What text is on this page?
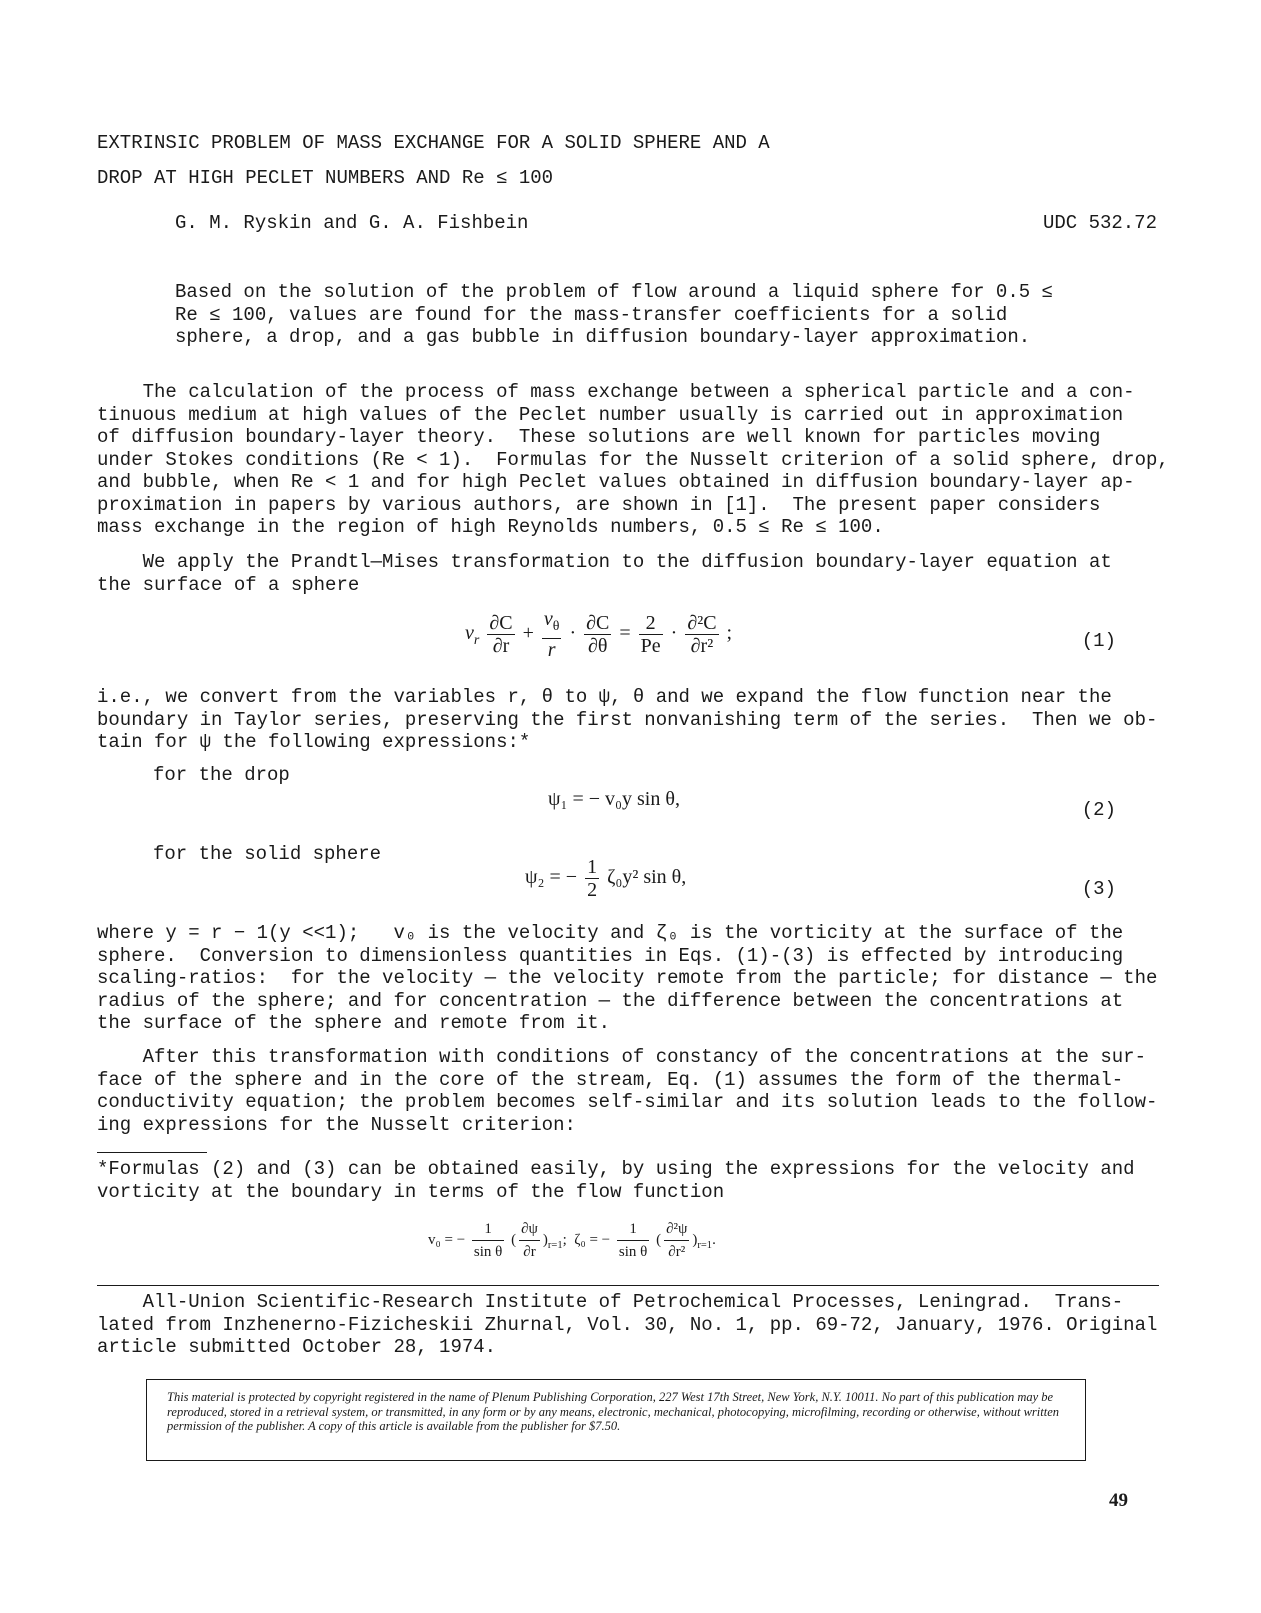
EXTRINSIC PROBLEM OF MASS EXCHANGE FOR A SOLID SPHERE AND A
DROP AT HIGH PECLET NUMBERS AND Re ≤ 100
G. M. Ryskin and G. A. Fishbein	UDC 532.72

Based on the solution of the problem of flow around a liquid sphere for 0.5 ≤

Re ≤ 100, values are found for the mass-transfer coefficients for a solid

sphere, a drop, and a gas bubble in diffusion boundary-layer approximation.

The calculation of the process of mass exchange between a spherical particle and a con-

tinuous medium at high values of the Peclet number usually is carried out in approximation

of diffusion boundary-layer theory.  These solutions are well known for particles moving

under Stokes conditions (Re < 1).  Formulas for the Nusselt criterion of a solid sphere, drop,

and bubble, when Re < 1 and for high Peclet values obtained in diffusion boundary-layer ap-

proximation in papers by various authors, are shown in [1].  The present paper considers

mass exchange in the region of high Reynolds numbers, 0.5 ≤ Re ≤ 100.

We apply the Prandtl—Mises transformation to the diffusion boundary-layer equation at

the surface of a sphere

$v_r \frac{\partial C}{\partial r} + \frac{v_\theta}{r} \cdot \frac{\partial C}{\partial\theta} = \frac{2}{Pe} \cdot \frac{\text{∂²C}}{\text{∂r²}}$ ;	(1)

i.e., we convert from the variables r, θ to ψ, θ and we expand the flow function near the

boundary in Taylor series, preserving the first nonvanishing term of the series.  Then we ob-

tain for ψ the following expressions:*

for the drop
ψ₁ = − v₀y sin θ,	(2)
for the solid sphere
ψ₂ = − $\frac{1}{2} \zeta_0y^2$ sin θ,
(3)

where y = r − 1(y <<1);   v₀ is the velocity and ζ₀ is the vorticity at the surface of the

sphere.  Conversion to dimensionless quantities in Eqs. (1)-(3) is effected by introducing

scaling-ratios:  for the velocity — the velocity remote from the particle; for distance — the

radius of the sphere; and for concentration — the difference between the concentrations at

the surface of the sphere and remote from it.

After this transformation with conditions of constancy of the concentrations at the sur-

face of the sphere and in the core of the stream, Eq. (1) assumes the form of the thermal-

conductivity equation; the problem becomes self-similar and its solution leads to the follow-

ing expressions for the Nusselt criterion:

*Formulas (2) and (3) can be obtained easily, by using the expressions for the velocity and

vorticity at the boundary in terms of the flow function

v₀ = − $\frac{1}{\text{sin θ}}$ ( $\frac{\partial\psi}{\partial r} )_{r=1}$; ζ₀ = − $\frac{1}{\text{sin θ}}$ ( $\frac{\text{∂²ψ}}{\text{∂r²}} )_{r=1}$.

All-Union Scientific-Research Institute of Petrochemical Processes, Leningrad.  Trans-

lated from Inzhenerno-Fizicheskii Zhurnal, Vol. 30, No. 1, pp. 69-72, January, 1976. Original

article submitted October 28, 1974.

This material is protected by copyright registered in the name of Plenum Publishing Corporation, 227 West 17th Street, New York, N.Y. 10011. No part of this publication may be reproduced, stored in a retrieval system, or transmitted, in any form or by any means, electronic, mechanical, photocopying, microfilming, recording or otherwise, without written permission of the publisher. A copy of this article is available from the publisher for $7.50.
49
